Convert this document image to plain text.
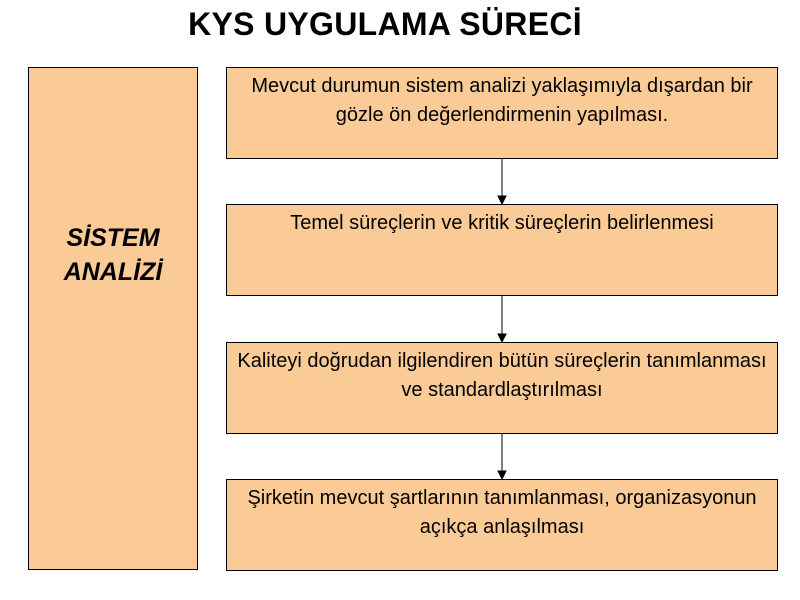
KYS UYGULAMA SÜRECİ
SİSTEM
ANALİZİ
Mevcut durumun sistem analizi yaklaşımıyla dışardan bir gözle ön değerlendirmenin yapılması.
Temel süreçlerin ve kritik süreçlerin belirlenmesi
Kaliteyi doğrudan ilgilendiren bütün süreçlerin tanımlanması ve standardlaştırılması
Şirketin mevcut şartlarının tanımlanması, organizasyonun açıkça anlaşılması
